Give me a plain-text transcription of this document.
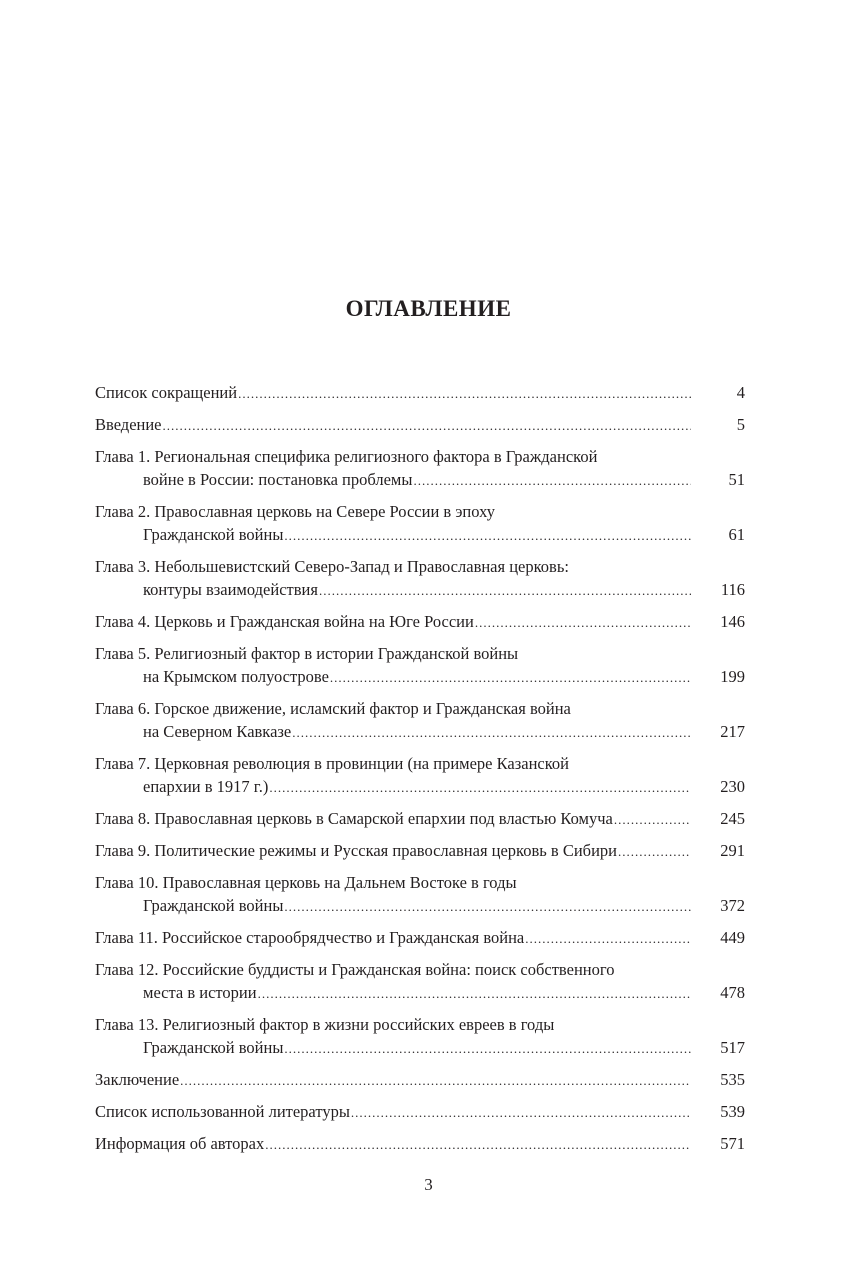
ОГЛАВЛЕНИЕ
Список сокращений .....	4
Введение .....	5
Глава 1. Региональная специфика религиозного фактора в Гражданской
войне в России: постановка проблемы .....	51
Глава 2. Православная церковь на Севере России в эпоху
Гражданской войны .....	61
Глава 3. Небольшевистский Северо-Запад и Православная церковь:
контуры взаимодействия .....	116
Глава 4. Церковь и Гражданская война на Юге России .....	146
Глава 5. Религиозный фактор в истории Гражданской войны
на Крымском полуострове .....	199
Глава 6. Горское движение, исламский фактор и Гражданская война
на Северном Кавказе .....	217
Глава 7. Церковная революция в провинции (на примере Казанской
епархии в 1917 г.) .....	230
Глава 8. Православная церковь в Самарской епархии под властью Комуча .....	245
Глава 9. Политические режимы и Русская православная церковь в Сибири .....	291
Глава 10. Православная церковь на Дальнем Востоке в годы
Гражданской войны .....	372
Глава 11. Российское старообрядчество и Гражданская война .....	449
Глава 12. Российские буддисты и Гражданская война: поиск собственного
места в истории .....	478
Глава 13. Религиозный фактор в жизни российских евреев в годы
Гражданской войны .....	517
Заключение .....	535
Список использованной литературы .....	539
Информация об авторах .....	571
3
